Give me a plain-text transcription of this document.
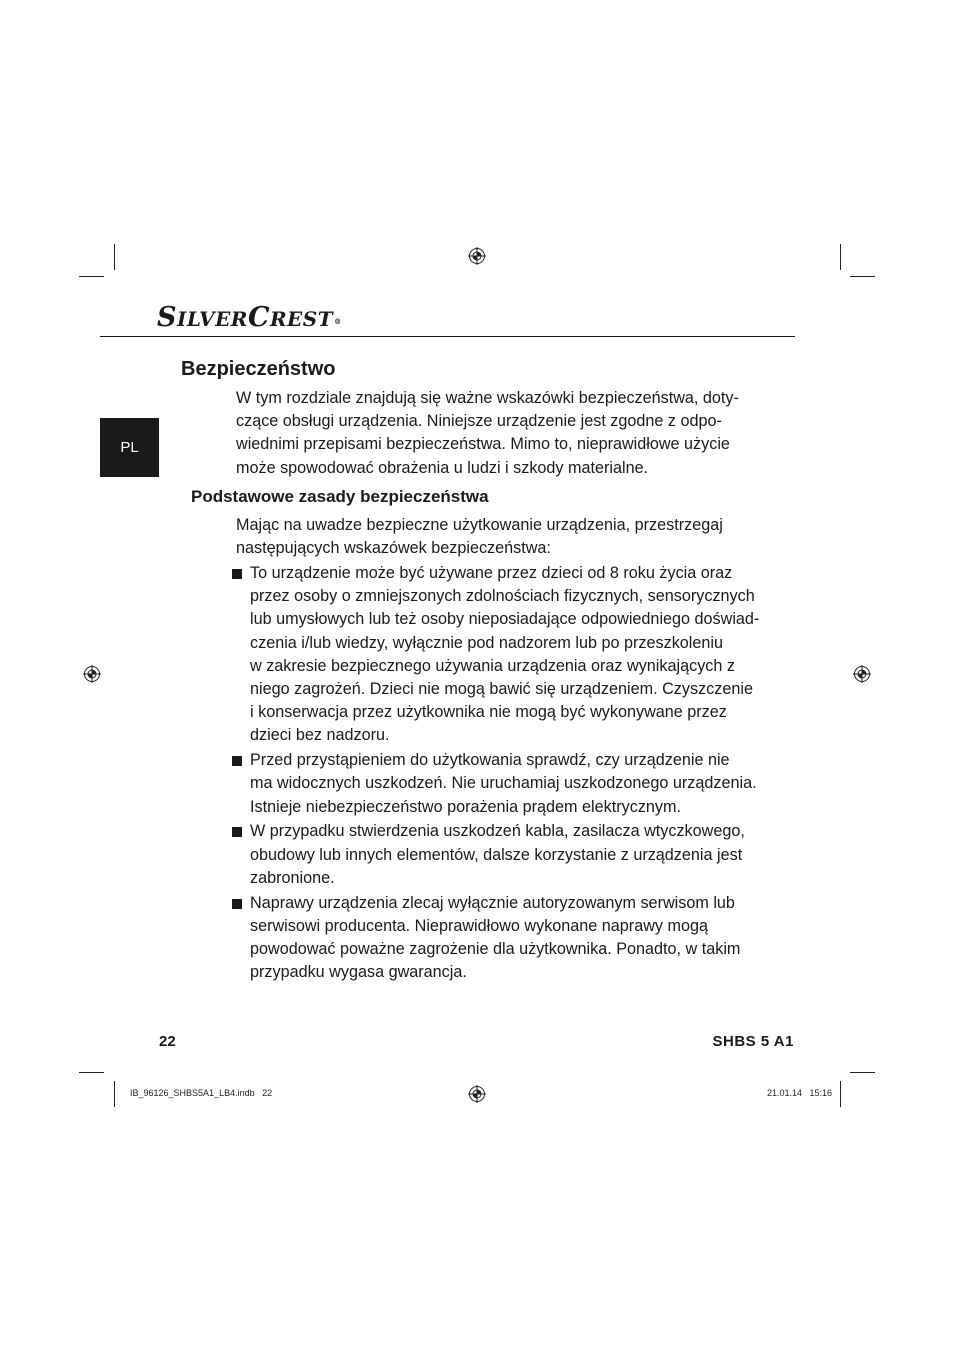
SILVERCREST®
PL
Bezpieczeństwo
W tym rozdziale znajdują się ważne wskazówki bezpieczeństwa, doty-
czące obsługi urządzenia. Niniejsze urządzenie jest zgodne z odpo-
wiednimi przepisami bezpieczeństwa. Mimo to, nieprawidłowe użycie
może spowodować obrażenia u ludzi i szkody materialne.
Podstawowe zasady bezpieczeństwa
Mając na uwadze bezpieczne użytkowanie urządzenia, przestrzegaj
następujących wskazówek bezpieczeństwa:
To urządzenie może być używane przez dzieci od 8 roku życia oraz
przez osoby o zmniejszonych zdolnościach fizycznych, sensorycznych
lub umysłowych lub też osoby nieposiadające odpowiedniego doświad-
czenia i/lub wiedzy, wyłącznie pod nadzorem lub po przeszkoleniu
w zakresie bezpiecznego używania urządzenia oraz wynikających z
niego zagrożeń. Dzieci nie mogą bawić się urządzeniem. Czyszczenie
i konserwacja przez użytkownika nie mogą być wykonywane przez
dzieci bez nadzoru.
Przed przystąpieniem do użytkowania sprawdź, czy urządzenie nie
ma widocznych uszkodzeń. Nie uruchamiaj uszkodzonego urządzenia.
Istnieje niebezpieczeństwo porażenia prądem elektrycznym.
W przypadku stwierdzenia uszkodzeń kabla, zasilacza wtyczkowego,
obudowy lub innych elementów, dalsze korzystanie z urządzenia jest
zabronione.
Naprawy urządzenia zlecaj wyłącznie autoryzowanym serwisom lub
serwisowi producenta. Nieprawidłowo wykonane naprawy mogą
powodować poważne zagrożenie dla użytkownika. Ponadto, w takim
przypadku wygasa gwarancja.
22	SHBS 5 A1
IB_96126_SHBS5A1_LB4.indb   22	21.01.14   15:16
